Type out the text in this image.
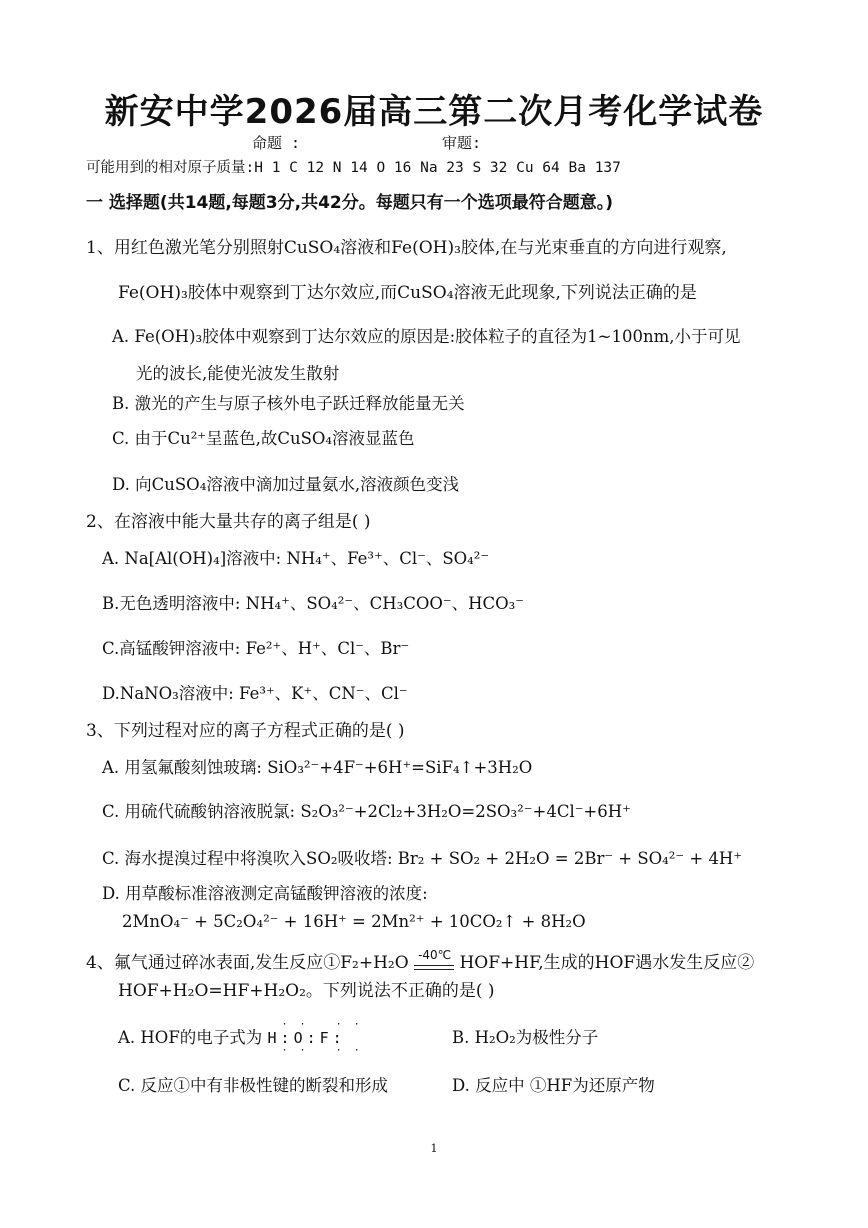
新安中学2026届高三第二次月考化学试卷
命题 :	审题:
可能用到的相对原子质量:H 1 C 12 N 14 O 16 Na 23 S 32 Cu 64 Ba 137
一 选择题(共14题,每题3分,共42分。每题只有一个选项最符合题意。)
1、用红色激光笔分别照射CuSO₄溶液和Fe(OH)₃胶体,在与光束垂直的方向进行观察,
Fe(OH)₃胶体中观察到丁达尔效应,而CuSO₄溶液无此现象,下列说法正确的是
A. Fe(OH)₃胶体中观察到丁达尔效应的原因是:胶体粒子的直径为1~100nm,小于可见
光的波长,能使光波发生散射
B. 激光的产生与原子核外电子跃迁释放能量无关
C. 由于Cu²⁺呈蓝色,故CuSO₄溶液显蓝色
D. 向CuSO₄溶液中滴加过量氨水,溶液颜色变浅
2、在溶液中能大量共存的离子组是( )
A. Na[Al(OH)₄]溶液中: NH₄⁺、Fe³⁺、Cl⁻、SO₄²⁻
B.无色透明溶液中: NH₄⁺、SO₄²⁻、CH₃COO⁻、HCO₃⁻
C.高锰酸钾溶液中: Fe²⁺、H⁺、Cl⁻、Br⁻
D.NaNO₃溶液中: Fe³⁺、K⁺、CN⁻、Cl⁻
3、下列过程对应的离子方程式正确的是( )
A. 用氢氟酸刻蚀玻璃: SiO₃²⁻+4F⁻+6H⁺=SiF₄↑+3H₂O
C. 用硫代硫酸钠溶液脱氯: S₂O₃²⁻+2Cl₂+3H₂O=2SO₃²⁻+4Cl⁻+6H⁺
C. 海水提溴过程中将溴吹入SO₂吸收塔: Br₂ + SO₂ + 2H₂O = 2Br⁻ + SO₄²⁻ + 4H⁺
D. 用草酸标准溶液测定高锰酸钾溶液的浓度:
2MnO₄⁻ + 5C₂O₄²⁻ + 16H⁺ = 2Mn²⁺ + 10CO₂↑ + 8H₂O
4、氟气通过碎冰表面,发生反应①F₂+H₂O -40℃ HOF+HF,生成的HOF遇水发生反应②
HOF+H₂O=HF+H₂O₂。下列说法不正确的是( )
A. HOF的电子式为 H:O:F:
·· ··
·· ··
B. H₂O₂为极性分子
C. 反应①中有非极性键的断裂和形成	D. 反应中 ①HF为还原产物
1
